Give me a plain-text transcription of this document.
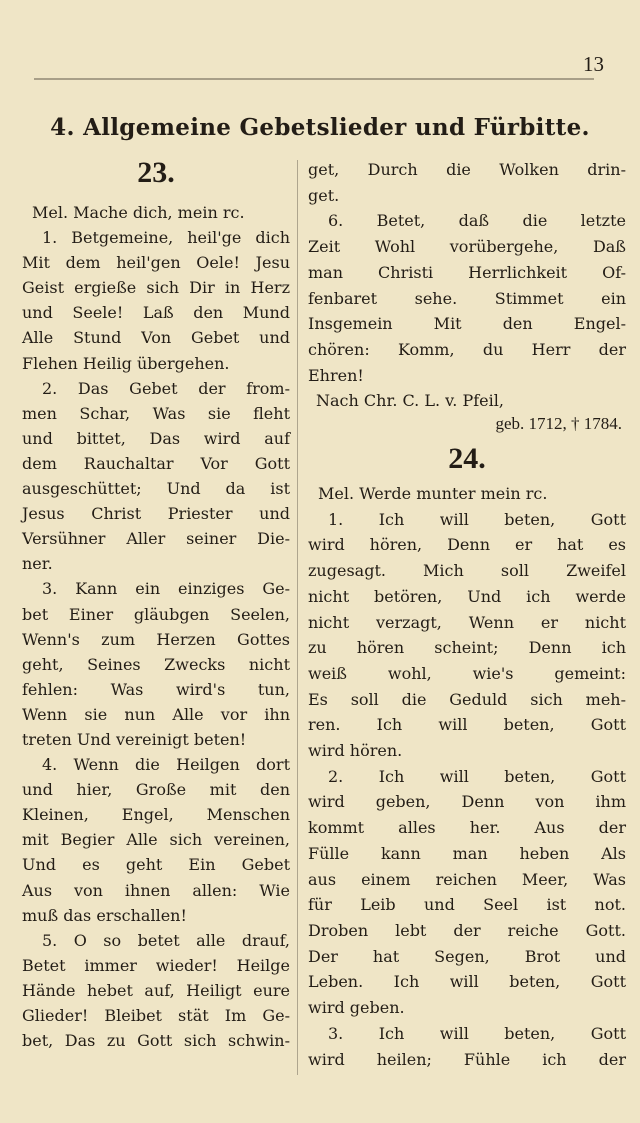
13
4. Allgemeine Gebetslieder und Fürbitte.
23.
Mel. Mache dich, mein rc.
1. Betgemeine, heil'ge dich
Mit dem heil'gen Oele! Jesu
Geist ergieße sich Dir in Herz
und Seele! Laß den Mund
Alle Stund Von Gebet und
Flehen Heilig übergehen.
2. Das Gebet der from-
men Schar, Was sie fleht
und bittet, Das wird auf
dem Rauchaltar Vor Gott
ausgeschüttet; Und da ist
Jesus Christ Priester und
Versühner Aller seiner Die-
ner.
3. Kann ein einziges Ge-
bet Einer gläubgen Seelen,
Wenn's zum Herzen Gottes
geht, Seines Zwecks nicht
fehlen: Was wird's tun,
Wenn sie nun Alle vor ihn
treten Und vereinigt beten!
4. Wenn die Heilgen dort
und hier, Große mit den
Kleinen, Engel, Menschen
mit Begier Alle sich vereinen,
Und es geht Ein Gebet
Aus von ihnen allen: Wie
muß das erschallen!
5. O so betet alle drauf,
Betet immer wieder! Heilge
Hände hebet auf, Heiligt eure
Glieder! Bleibet stät Im Ge-
bet, Das zu Gott sich schwin-
get, Durch die Wolken drin-
get.
6. Betet, daß die letzte
Zeit Wohl vorübergehe, Daß
man Christi Herrlichkeit Of-
fenbaret sehe. Stimmet ein
Insgemein Mit den Engel-
chören: Komm, du Herr der
Ehren!
Nach Chr. C. L. v. Pfeil,
geb. 1712, † 1784.
24.
Mel. Werde munter mein rc.
1. Ich will beten, Gott
wird hören, Denn er hat es
zugesagt. Mich soll Zweifel
nicht betören, Und ich werde
nicht verzagt, Wenn er nicht
zu hören scheint; Denn ich
weiß wohl, wie's gemeint:
Es soll die Geduld sich meh-
ren. Ich will beten, Gott
wird hören.
2. Ich will beten, Gott
wird geben, Denn von ihm
kommt alles her. Aus der
Fülle kann man heben Als
aus einem reichen Meer, Was
für Leib und Seel ist not.
Droben lebt der reiche Gott.
Der hat Segen, Brot und
Leben. Ich will beten, Gott
wird geben.
3. Ich will beten, Gott
wird heilen; Fühle ich der
